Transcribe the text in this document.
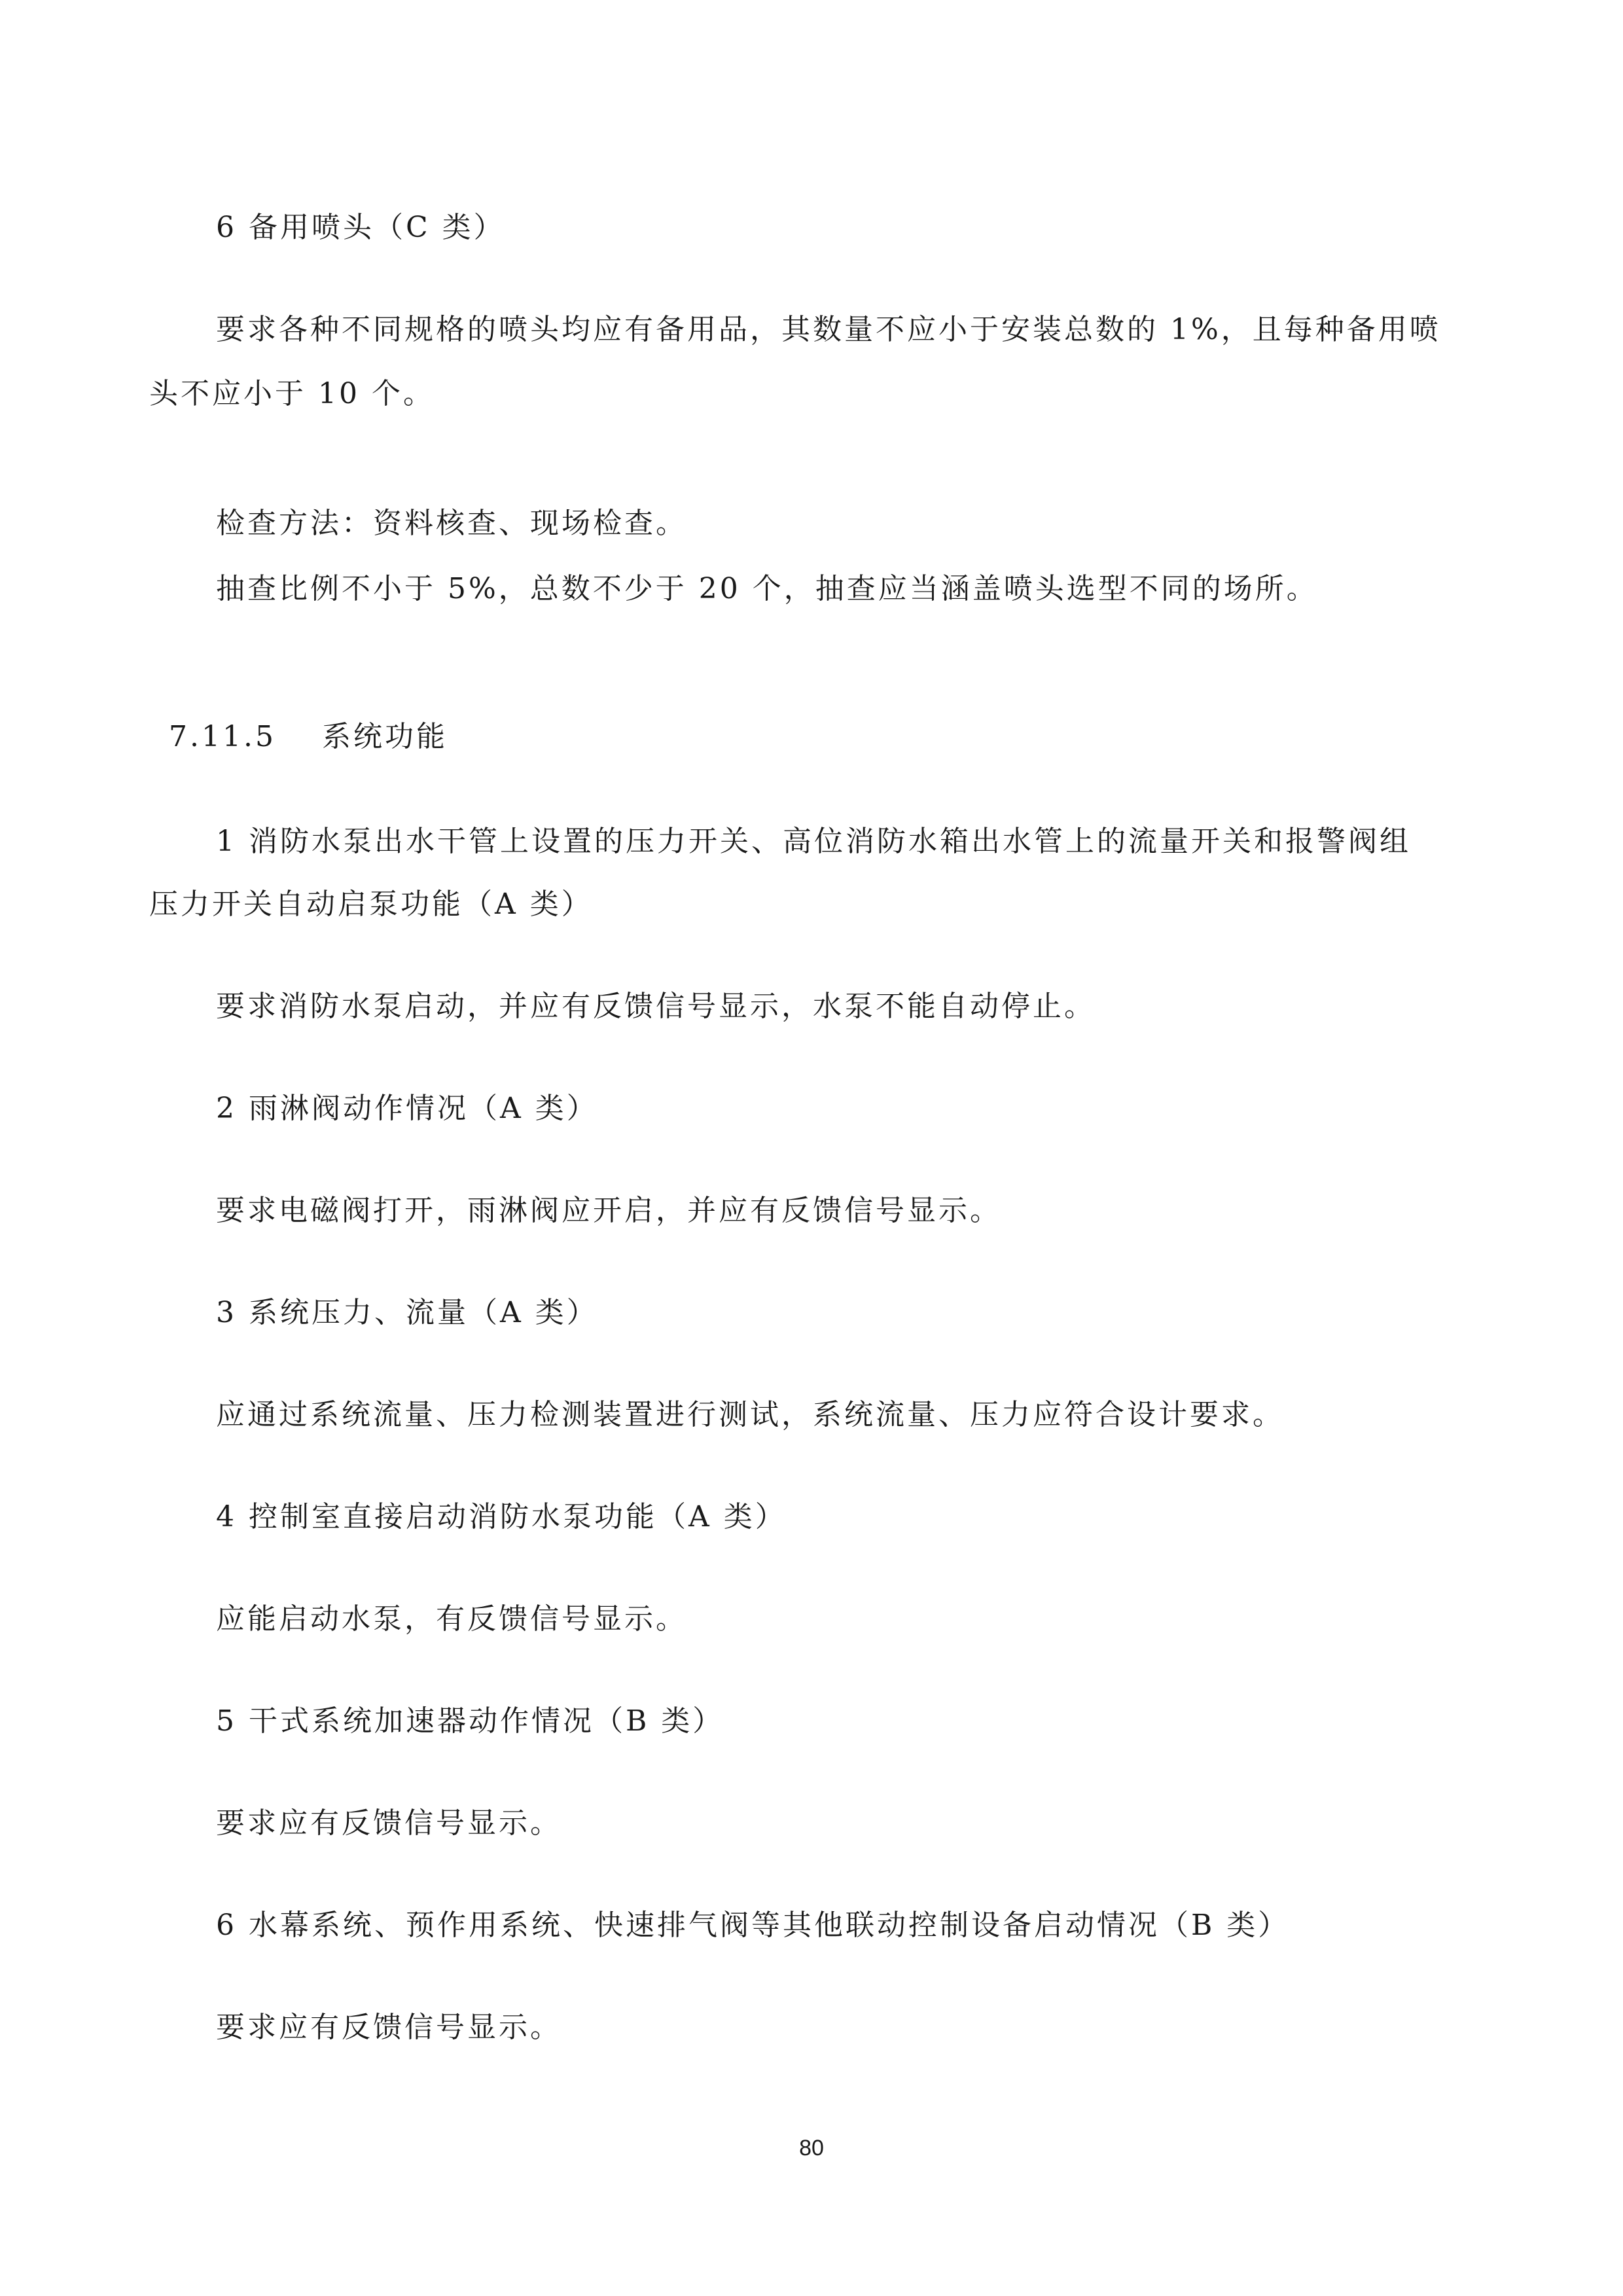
6 备用喷头（C 类）
要求各种不同规格的喷头均应有备用品，其数量不应小于安装总数的 1%，且每种备用喷
头不应小于 10 个。
检查方法：资料核查、现场检查。
抽查比例不小于 5%，总数不少于 20 个，抽查应当涵盖喷头选型不同的场所。
7.11.5 系统功能
1 消防水泵出水干管上设置的压力开关、高位消防水箱出水管上的流量开关和报警阀组
压力开关自动启泵功能（A 类）
要求消防水泵启动，并应有反馈信号显示，水泵不能自动停止。
2 雨淋阀动作情况（A 类）
要求电磁阀打开，雨淋阀应开启，并应有反馈信号显示。
3 系统压力、流量（A 类）
应通过系统流量、压力检测装置进行测试，系统流量、压力应符合设计要求。
4 控制室直接启动消防水泵功能（A 类）
应能启动水泵，有反馈信号显示。
5 干式系统加速器动作情况（B 类）
要求应有反馈信号显示。
6 水幕系统、预作用系统、快速排气阀等其他联动控制设备启动情况（B 类）
要求应有反馈信号显示。
80
